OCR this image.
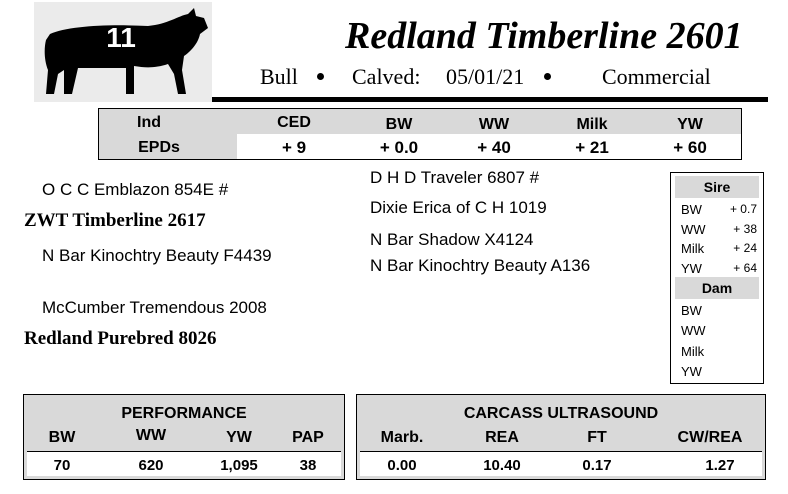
11	Redland Timberline 2601
Bull Calved: 05/01/21	Commercial
Ind
EPDs
CED	BW	WW	Milk	YW
+ 9	+ 0.0	+ 40	+ 21	+ 60
O C C Emblazon 854E #
ZWT Timberline 2617
N Bar Kinochtry Beauty F4439
McCumber Tremendous 2008
Redland Purebred 8026
D H D Traveler 6807 #
Dixie Erica of C H 1019
N Bar Shadow X4124
N Bar Kinochtry Beauty A136
Sire
BW + 0.7
WW + 38
Milk + 24
YW	+ 64
Dam
BW
WW
Milk
YW
PERFORMANCE
BW	WW	YW	PAP
70	620	1,095	38
CARCASS ULTRASOUND
Marb.	REA	FT	CW/REA
0.00	10.40	0.17	1.27
